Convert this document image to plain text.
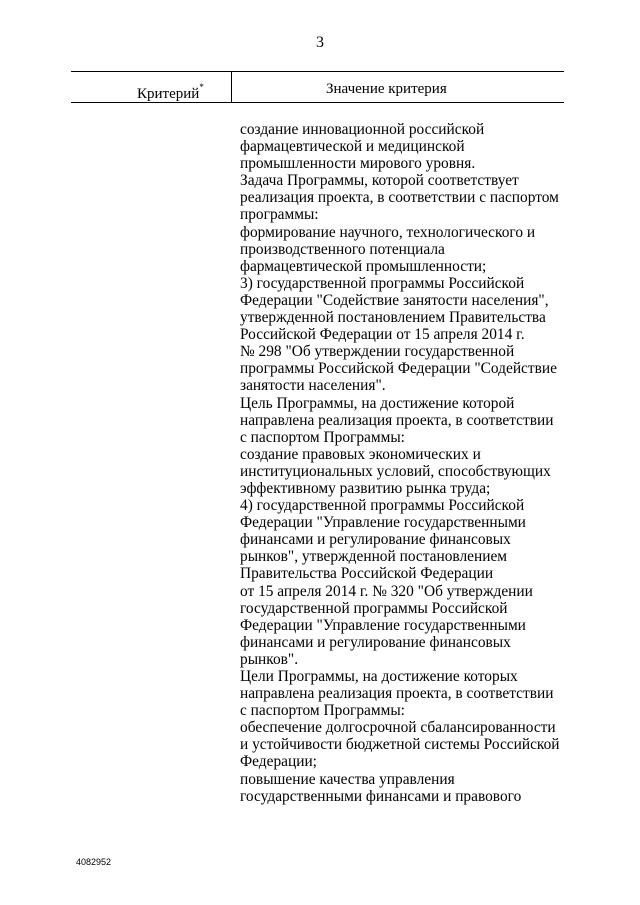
3
Критерий*	Значение критерия
создание инновационной российской
фармацевтической и медицинской
промышленности мирового уровня.
Задача Программы, которой соответствует
реализация проекта, в соответствии с паспортом
программы:
формирование научного, технологического и
производственного потенциала
фармацевтической промышленности;
3) государственной программы Российской
Федерации "Содействие занятости населения",
утвержденной постановлением Правительства
Российской Федерации от 15 апреля 2014 г.
№ 298 "Об утверждении государственной
программы Российской Федерации "Содействие
занятости населения".
Цель Программы, на достижение которой
направлена реализация проекта, в соответствии
с паспортом Программы:
создание правовых экономических и
институциональных условий, способствующих
эффективному развитию рынка труда;
4) государственной программы Российской
Федерации "Управление государственными
финансами и регулирование финансовых
рынков", утвержденной постановлением
Правительства Российской Федерации
от 15 апреля 2014 г. № 320 "Об утверждении
государственной программы Российской
Федерации "Управление государственными
финансами и регулирование финансовых
рынков".
Цели Программы, на достижение которых
направлена реализация проекта, в соответствии
с паспортом Программы:
обеспечение долгосрочной сбалансированности
и устойчивости бюджетной системы Российской
Федерации;
повышение качества управления
государственными финансами и правового
4082952
